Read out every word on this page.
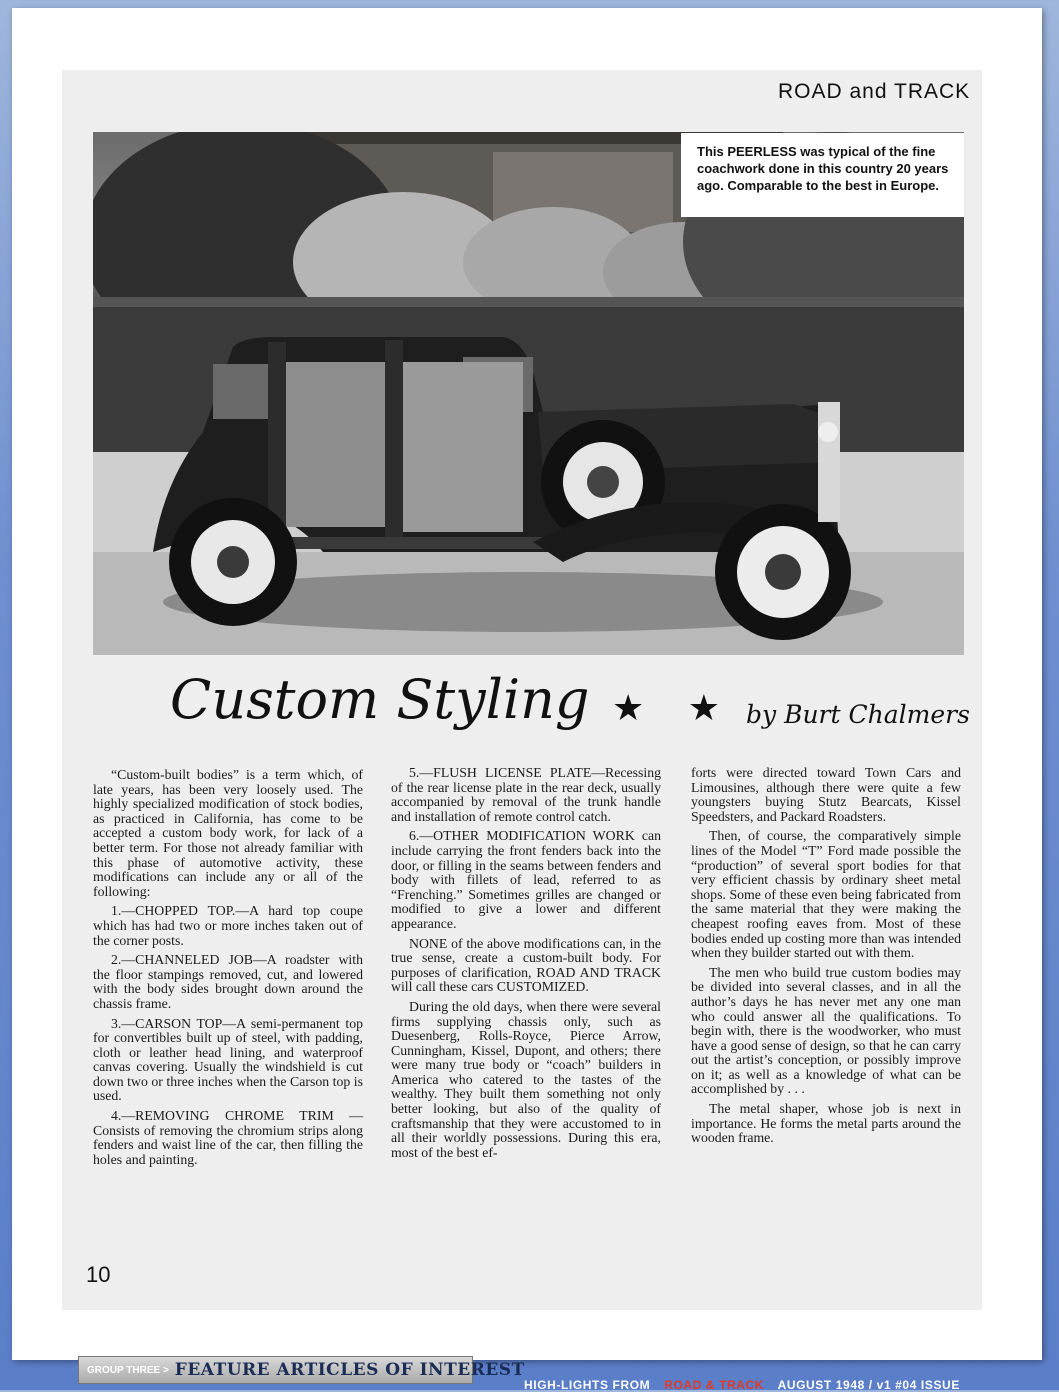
ROAD and TRACK
This PEERLESS was typical of the fine coachwork done in this country 20 years ago. Comparable to the best in Europe.
Custom Styling ★ ★ by Burt Chalmers

“Custom-built bodies” is a term which, of late years, has been very loosely used. The highly specialized modification of stock bodies, as practiced in California, has come to be accepted a custom body work, for lack of a better term. For those not already familiar with this phase of automotive activity, these modifications can include any or all of the following:

1.—CHOPPED TOP.—A hard top coupe which has had two or more inches taken out of the corner posts.

2.—CHANNELED JOB—A roadster with the floor stampings removed, cut, and lowered with the body sides brought down around the chassis frame.

3.—CARSON TOP—A semi-permanent top for convertibles built up of steel, with padding, cloth or leather head lining, and waterproof canvas covering. Usually the windshield is cut down two or three inches when the Carson top is used.

4.—REMOVING CHROME TRIM —Consists of removing the chromium strips along fenders and waist line of the car, then filling the holes and painting.

5.—FLUSH LICENSE PLATE—Recessing of the rear license plate in the rear deck, usually accompanied by removal of the trunk handle and installation of remote control catch.

6.—OTHER MODIFICATION WORK can include carrying the front fenders back into the door, or filling in the seams between fenders and body with fillets of lead, referred to as “Frenching.” Sometimes grilles are changed or modified to give a lower and different appearance.

NONE of the above modifications can, in the true sense, create a custom-built body. For purposes of clarification, ROAD AND TRACK will call these cars CUSTOMIZED.

During the old days, when there were several firms supplying chassis only, such as Duesenberg, Rolls-Royce, Pierce Arrow, Cunningham, Kissel, Dupont, and others; there were many true body or “coach” builders in America who catered to the tastes of the wealthy. They built them something not only better looking, but also of the quality of craftsmanship that they were accustomed to in all their worldly possessions. During this era, most of the best ef-

forts were directed toward Town Cars and Limousines, although there were quite a few youngsters buying Stutz Bearcats, Kissel Speedsters, and Packard Roadsters.

Then, of course, the comparatively simple lines of the Model “T” Ford made possible the “production” of several sport bodies for that very efficient chassis by ordinary sheet metal shops. Some of these even being fabricated from the same material that they were making the cheapest roofing eaves from. Most of these bodies ended up costing more than was intended when they builder started out with them.

The men who build true custom bodies may be divided into several classes, and in all the author’s days he has never met any one man who could answer all the qualifications. To begin with, there is the woodworker, who must have a good sense of design, so that he can carry out the artist’s conception, or possibly improve on it; as well as a knowledge of what can be accomplished by . . .

The metal shaper, whose job is next in importance. He forms the metal parts around the wooden frame.

10
GROUP THREE > FEATURE ARTICLES OF INTEREST
HIGH-LIGHTS FROM ROAD & TRACK AUGUST 1948 / v1 #04 ISSUE
